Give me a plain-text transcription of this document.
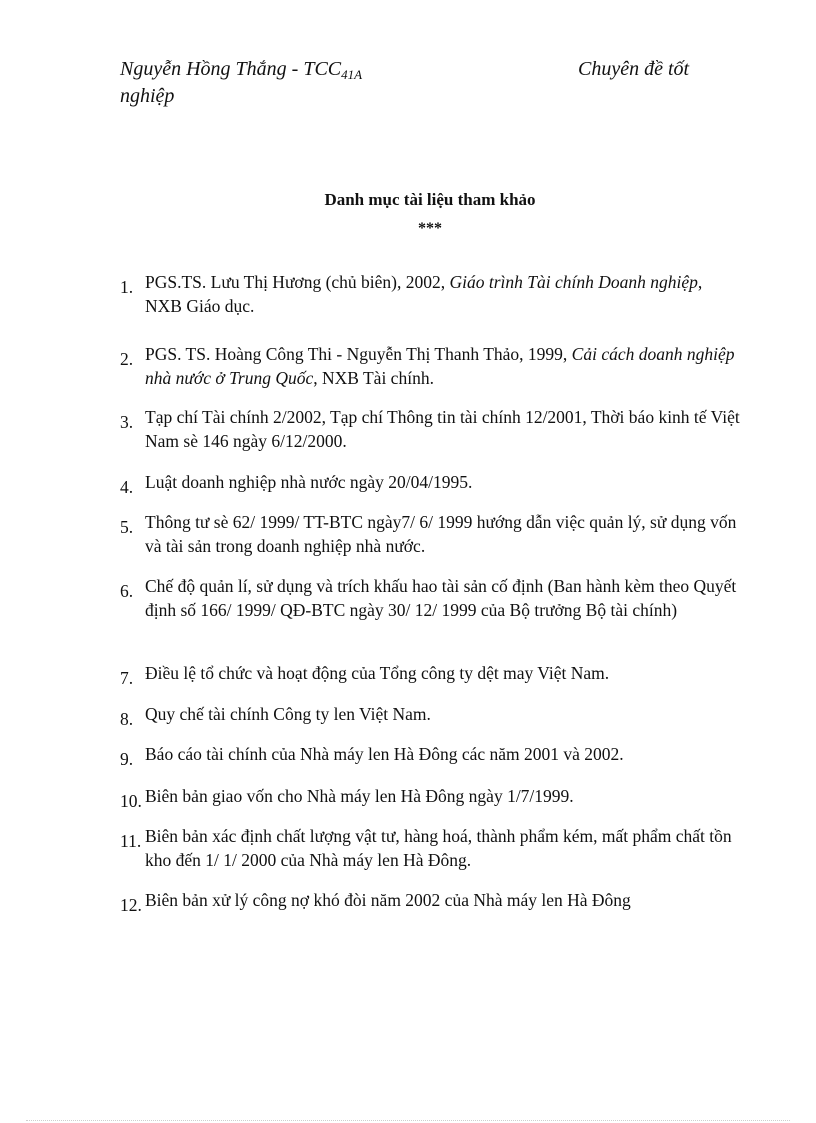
Nguyễn Hồng Thắng - $TCC_{41A}$	Chuyên đề tốt
nghiệp
Danh mục tài liệu tham khảo
***
1. PGS.TS. Lưu Thị Hương (chủ biên), 2002, Giáo trình Tài chính Doanh nghiệp, NXB Giáo dục.
2. PGS. TS. Hoàng Công Thi - Nguyễn Thị Thanh Thảo, 1999, Cải cách doanh nghiệp nhà nước ở Trung Quốc, NXB Tài chính.
3. Tạp chí Tài chính 2/2002, Tạp chí Thông tin tài chính 12/2001, Thời báo kinh tế Việt Nam sè 146 ngày 6/12/2000.
4. Luật doanh nghiệp nhà nước ngày 20/04/1995.
5. Thông tư sè 62/ 1999/ TT-BTC ngày7/ 6/ 1999 hướng dẫn việc quản lý, sử dụng vốn và tài sản trong doanh nghiệp nhà nước.
6. Chế độ quản lí, sử dụng và trích khấu hao tài sản cố định (Ban hành kèm theo Quyết định số 166/ 1999/ QĐ-BTC ngày 30/ 12/ 1999 của Bộ trưởng Bộ tài chính)
7. Điều lệ tổ chức và hoạt động của Tổng công ty dệt may Việt Nam.
8. Quy chế tài chính Công ty len Việt Nam.
9. Báo cáo tài chính của Nhà máy len Hà Đông các năm 2001 và 2002.
10. Biên bản giao vốn cho Nhà máy len Hà Đông ngày 1/7/1999.
11. Biên bản xác định chất lượng vật tư, hàng hoá, thành phẩm kém, mất phẩm chất tồn kho đến 1/ 1/ 2000 của Nhà máy len Hà Đông.
12. Biên bản xử lý công nợ khó đòi năm 2002 của Nhà máy len Hà Đông
